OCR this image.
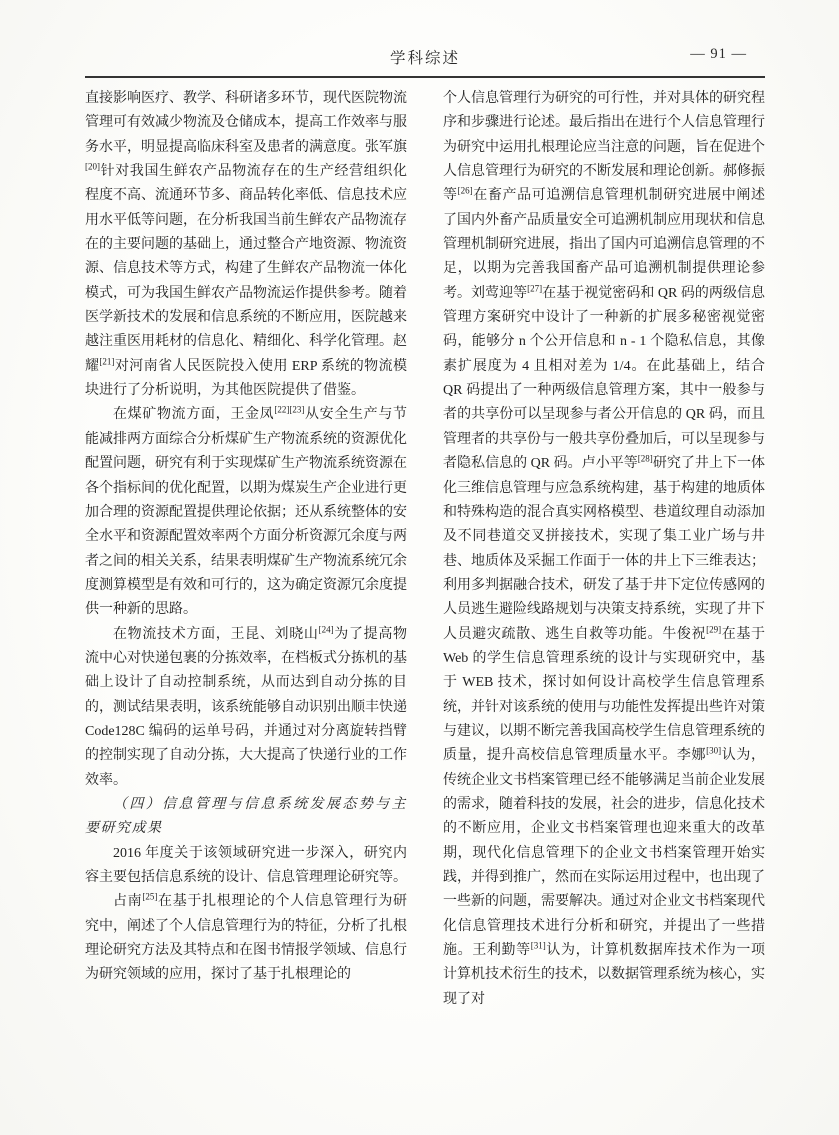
学科综述	— 91 —

直接影响医疗、教学、科研诸多环节，现代医院物流管理可有效减少物流及仓储成本，提高工作效率与服务水平，明显提高临床科室及患者的满意度。张军旗[20]针对我国生鲜农产品物流存在的生产经营组织化程度不高、流通环节多、商品转化率低、信息技术应用水平低等问题，在分析我国当前生鲜农产品物流存在的主要问题的基础上，通过整合产地资源、物流资源、信息技术等方式，构建了生鲜农产品物流一体化模式，可为我国生鲜农产品物流运作提供参考。随着医学新技术的发展和信息系统的不断应用，医院越来越注重医用耗材的信息化、精细化、科学化管理。赵耀[21]对河南省人民医院投入使用 ERP 系统的物流模块进行了分析说明，为其他医院提供了借鉴。

在煤矿物流方面，王金凤[22][23]从安全生产与节能减排两方面综合分析煤矿生产物流系统的资源优化配置问题，研究有利于实现煤矿生产物流系统资源在各个指标间的优化配置，以期为煤炭生产企业进行更加合理的资源配置提供理论依据；还从系统整体的安全水平和资源配置效率两个方面分析资源冗余度与两者之间的相关关系，结果表明煤矿生产物流系统冗余度测算模型是有效和可行的，这为确定资源冗余度提供一种新的思路。

在物流技术方面，王昆、刘晓山[24]为了提高物流中心对快递包裹的分拣效率，在档板式分拣机的基础上设计了自动控制系统，从而达到自动分拣的目的，测试结果表明，该系统能够自动识别出顺丰快递 Code128C 编码的运单号码，并通过对分离旋转挡臂的控制实现了自动分拣，大大提高了快递行业的工作效率。

（四）信息管理与信息系统发展态势与主要研究成果

2016 年度关于该领域研究进一步深入，研究内容主要包括信息系统的设计、信息管理理论研究等。

占南[25]在基于扎根理论的个人信息管理行为研究中，阐述了个人信息管理行为的特征，分析了扎根理论研究方法及其特点和在图书情报学领域、信息行为研究领域的应用，探讨了基于扎根理论的

个人信息管理行为研究的可行性，并对具体的研究程序和步骤进行论述。最后指出在进行个人信息管理行为研究中运用扎根理论应当注意的问题，旨在促进个人信息管理行为研究的不断发展和理论创新。郝修振等[26]在畜产品可追溯信息管理机制研究进展中阐述了国内外畜产品质量安全可追溯机制应用现状和信息管理机制研究进展，指出了国内可追溯信息管理的不足，以期为完善我国畜产品可追溯机制提供理论参考。刘莺迎等[27]在基于视觉密码和 QR 码的两级信息管理方案研究中设计了一种新的扩展多秘密视觉密码，能够分 n 个公开信息和 n - 1 个隐私信息，其像素扩展度为 4 且相对差为 1/4。在此基础上，结合 QR 码提出了一种两级信息管理方案，其中一般参与者的共享份可以呈现参与者公开信息的 QR 码，而且管理者的共享份与一般共享份叠加后，可以呈现参与者隐私信息的 QR 码。卢小平等[28]研究了井上下一体化三维信息管理与应急系统构建，基于构建的地质体和特殊构造的混合真实网格模型、巷道纹理自动添加及不同巷道交叉拼接技术，实现了集工业广场与井巷、地质体及采掘工作面于一体的井上下三维表达；利用多判据融合技术，研发了基于井下定位传感网的人员逃生避险线路规划与决策支持系统，实现了井下人员避灾疏散、逃生自救等功能。牛俊祝[29]在基于 Web 的学生信息管理系统的设计与实现研究中，基于 WEB 技术，探讨如何设计高校学生信息管理系统，并针对该系统的使用与功能性发挥提出些许对策与建议，以期不断完善我国高校学生信息管理系统的质量，提升高校信息管理质量水平。李娜[30]认为，传统企业文书档案管理已经不能够满足当前企业发展的需求，随着科技的发展，社会的进步，信息化技术的不断应用，企业文书档案管理也迎来重大的改革期，现代化信息管理下的企业文书档案管理开始实践，并得到推广，然而在实际运用过程中，也出现了一些新的问题，需要解决。通过对企业文书档案现代化信息管理技术进行分析和研究，并提出了一些措施。王利勤等[31]认为，计算机数据库技术作为一项计算机技术衍生的技术，以数据管理系统为核心，实现了对
